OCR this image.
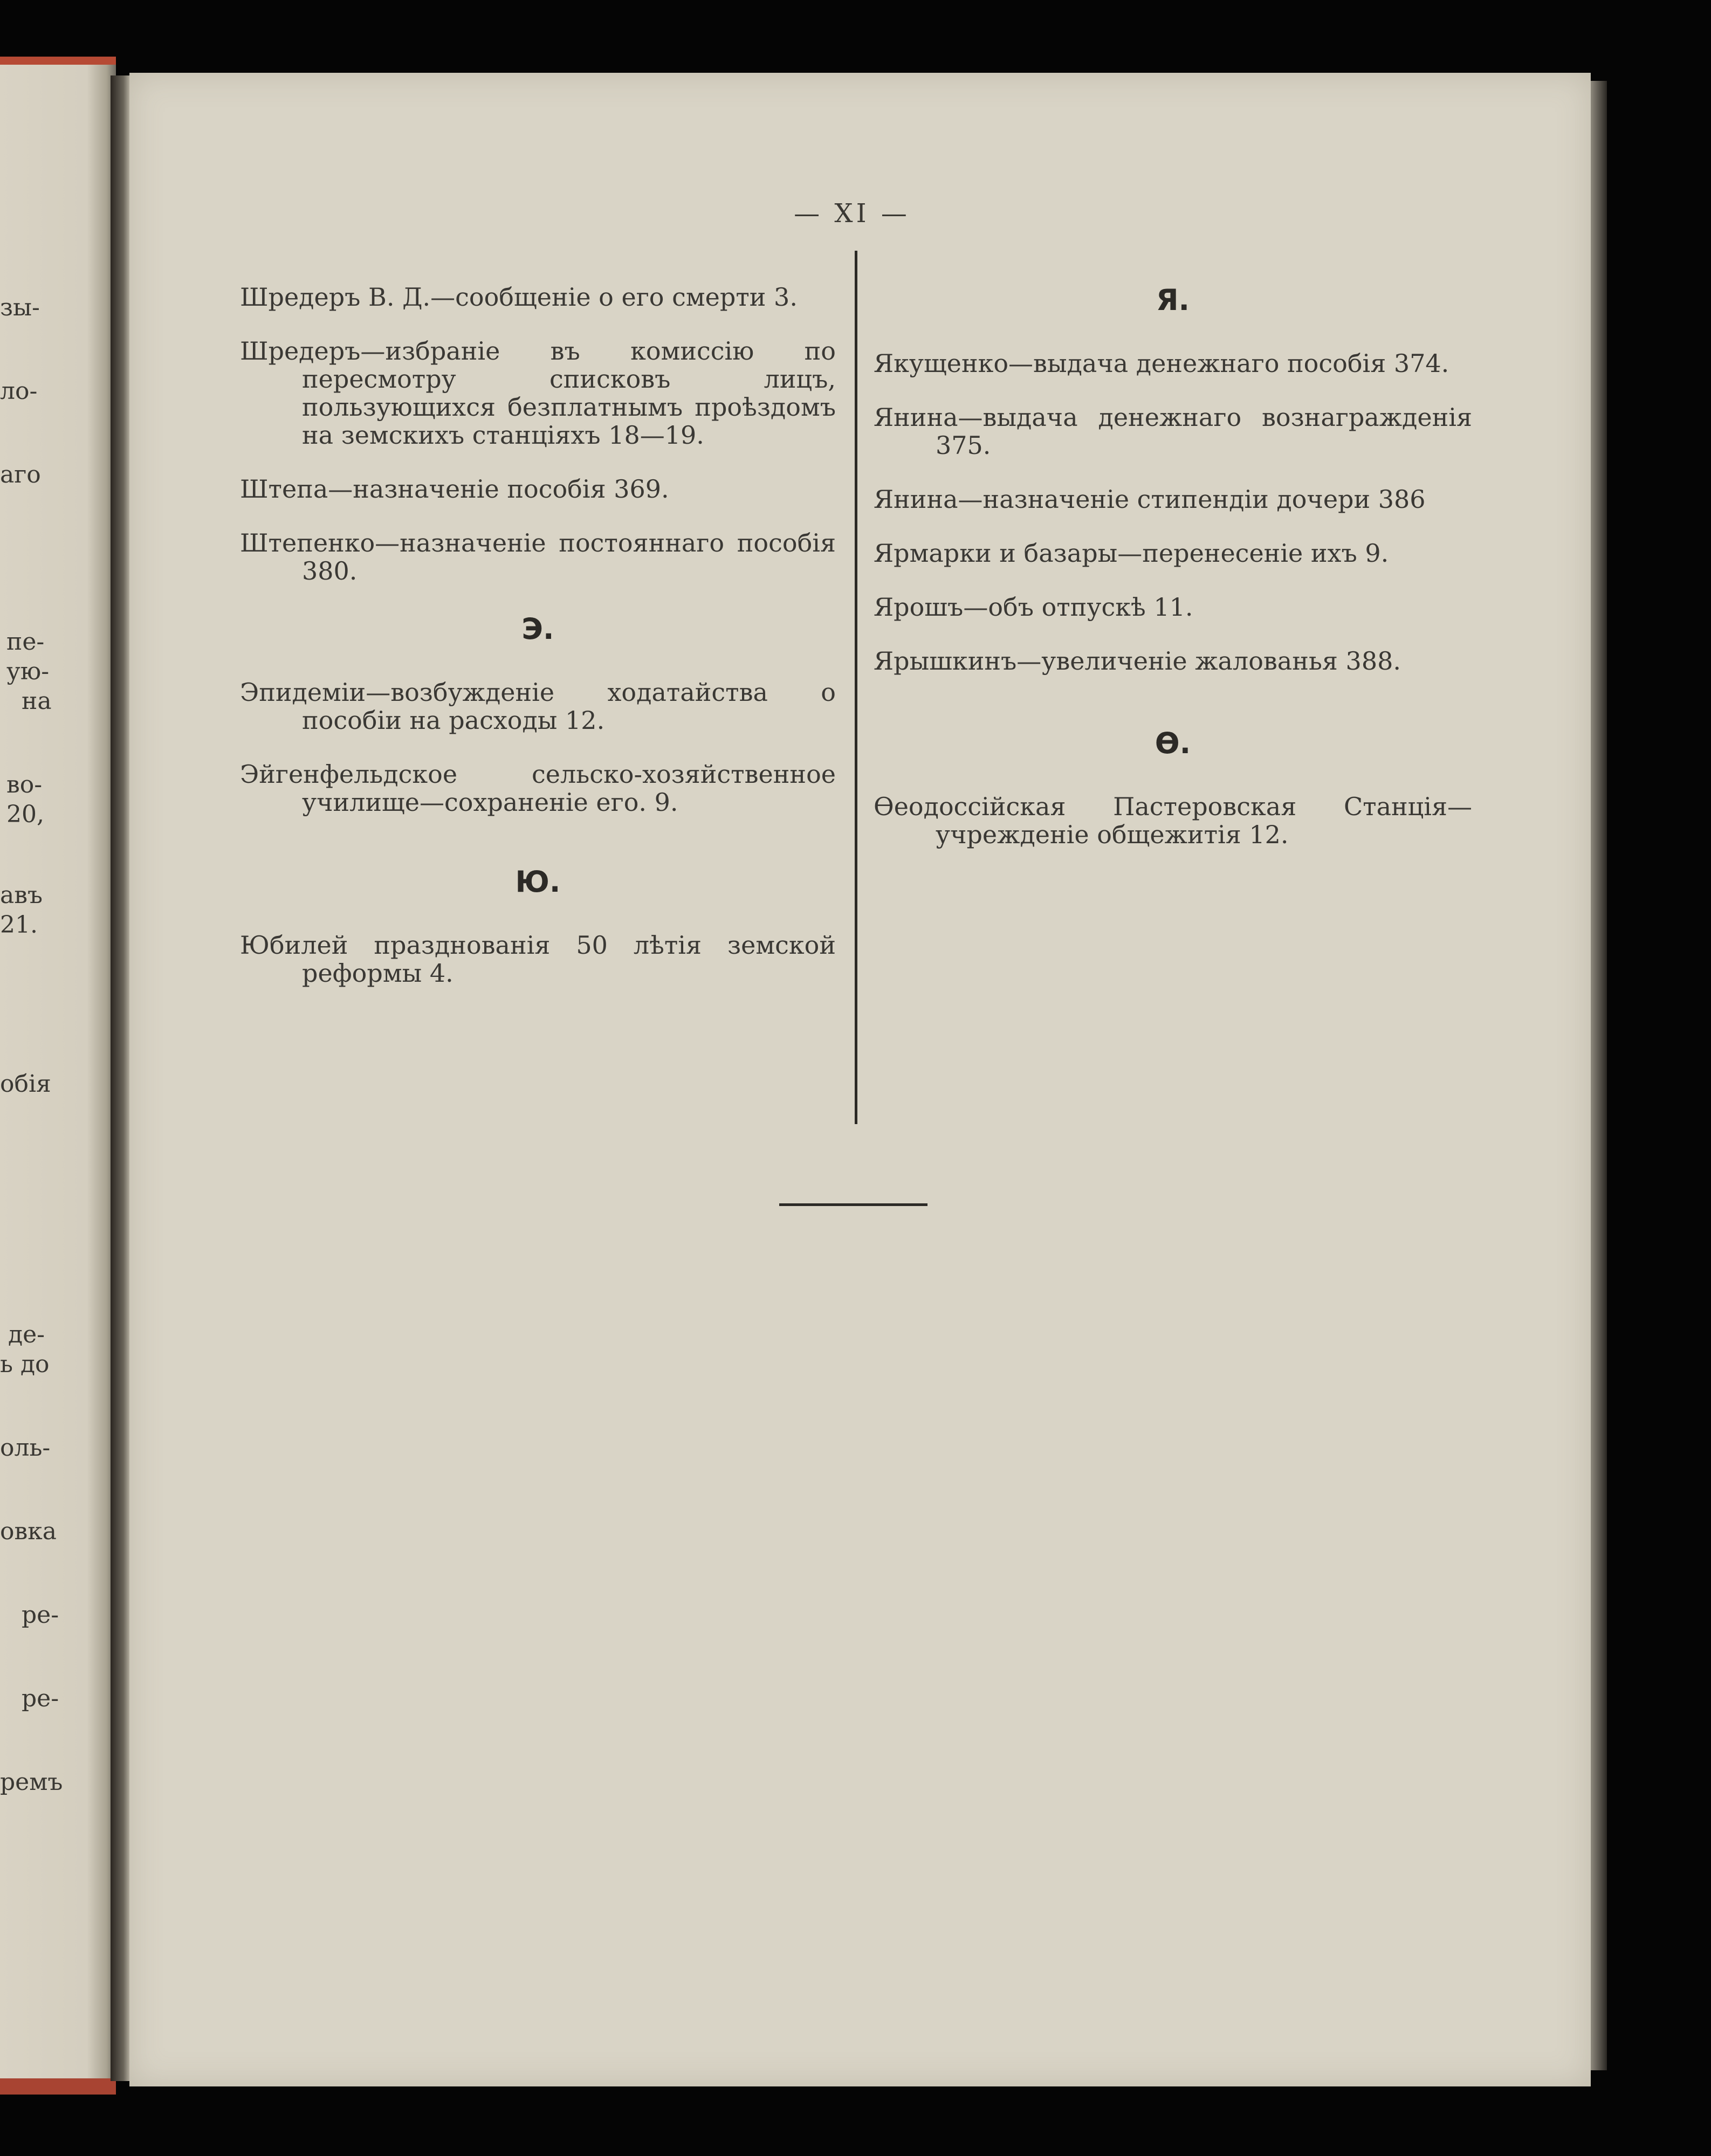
зы-
ло-
аго
пе-
ую-
на
во-
20,
авъ
21.
обія
де-
ь до
оль-
овка
ре-
ре-
ремъ
— XI —

Шредеръ В. Д.—сообщеніе о его смерти 3.

Шредеръ—избраніе въ комиссію по пересмотру списковъ лицъ, пользующихся безплатнымъ проѣздомъ на земскихъ станціяхъ 18—19.

Штепа—назначеніе пособія 369.

Штепенко—назначеніе постояннаго пособія 380.

Э.

Эпидеміи—возбужденіе ходатайства о пособіи на расходы 12.

Эйгенфельдское сельско-хозяйственное училище—сохраненіе его. 9.

Ю.

Юбилей празднованія 50 лѣтія земской реформы 4.

Я.

Якущенко—выдача денежнаго пособія 374.

Янина—выдача денежнаго вознагражденія 375.

Янина—назначеніе стипендіи дочери 386

Ярмарки и базары—перенесеніе ихъ 9.

Ярошъ—объ отпускѣ 11.

Ярышкинъ—увеличеніе жалованья 388.

Ѳ.

Ѳеодоссійская Пастеровская Станція—учрежденіе общежитія 12.
